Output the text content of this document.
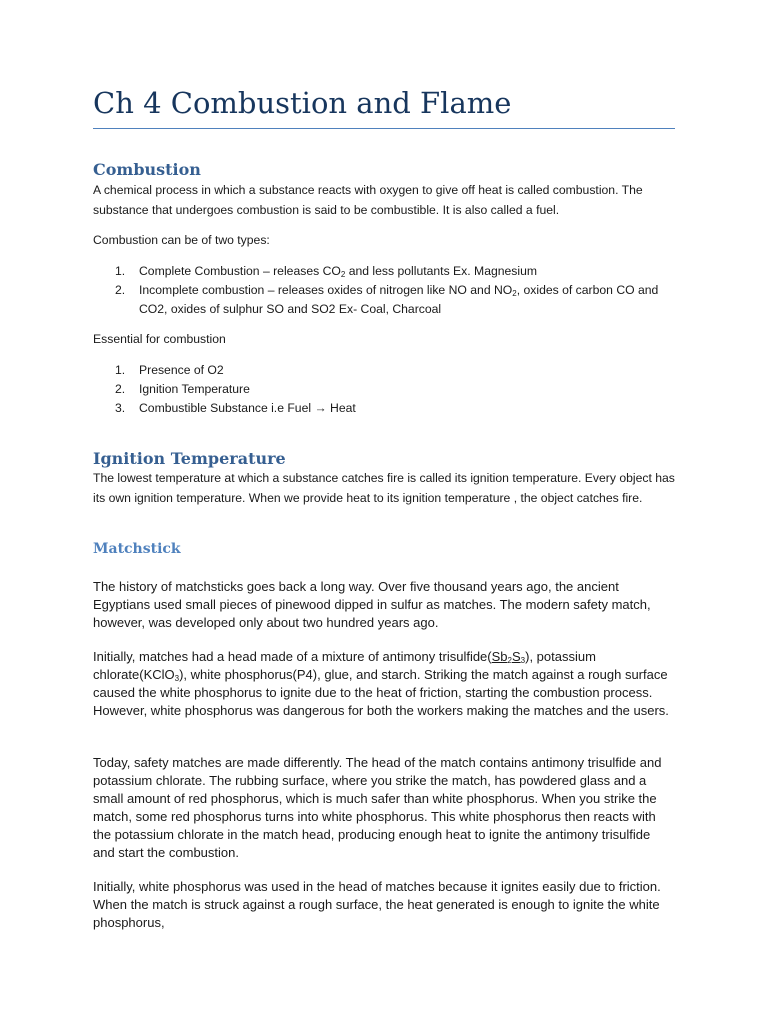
Ch 4 Combustion and Flame
Combustion

A chemical process in which a substance reacts with oxygen to give off heat is called combustion. The substance that undergoes combustion is said to be combustible. It is also called a fuel.

Combustion can be of two types:

1. Complete Combustion – releases $CO_2$ and less pollutants Ex. Magnesium
2. Incomplete combustion – releases oxides of nitrogen like NO and $NO_2$, oxides of carbon CO and CO2, oxides of sulphur SO and SO2 Ex- Coal, Charcoal

Essential for combustion

1. Presence of O2
2. Ignition Temperature
3. Combustible Substance i.e Fuel → Heat
Ignition Temperature

The lowest temperature at which a substance catches fire is called its ignition temperature. Every object has its own ignition temperature. When we provide heat to its ignition temperature , the object catches fire.

Matchstick

The history of matchsticks goes back a long way. Over five thousand years ago, the ancient Egyptians used small pieces of pinewood dipped in sulfur as matches. The modern safety match, however, was developed only about two hundred years ago.

Initially, matches had a head made of a mixture of antimony $trisulfide(Sb_2S_3)$, potassium chlorate(KClO$_3$), white phosphorus(P4), glue, and starch. Striking the match against a rough surface caused the white phosphorus to ignite due to the heat of friction, starting the combustion process. However, white phosphorus was dangerous for both the workers making the matches and the users.

Today, safety matches are made differently. The head of the match contains antimony trisulfide and potassium chlorate. The rubbing surface, where you strike the match, has powdered glass and a small amount of red phosphorus, which is much safer than white phosphorus. When you strike the match, some red phosphorus turns into white phosphorus. This white phosphorus then reacts with the potassium chlorate in the match head, producing enough heat to ignite the antimony trisulfide and start the combustion.

Initially, white phosphorus was used in the head of matches because it ignites easily due to friction. When the match is struck against a rough surface, the heat generated is enough to ignite the white phosphorus,
